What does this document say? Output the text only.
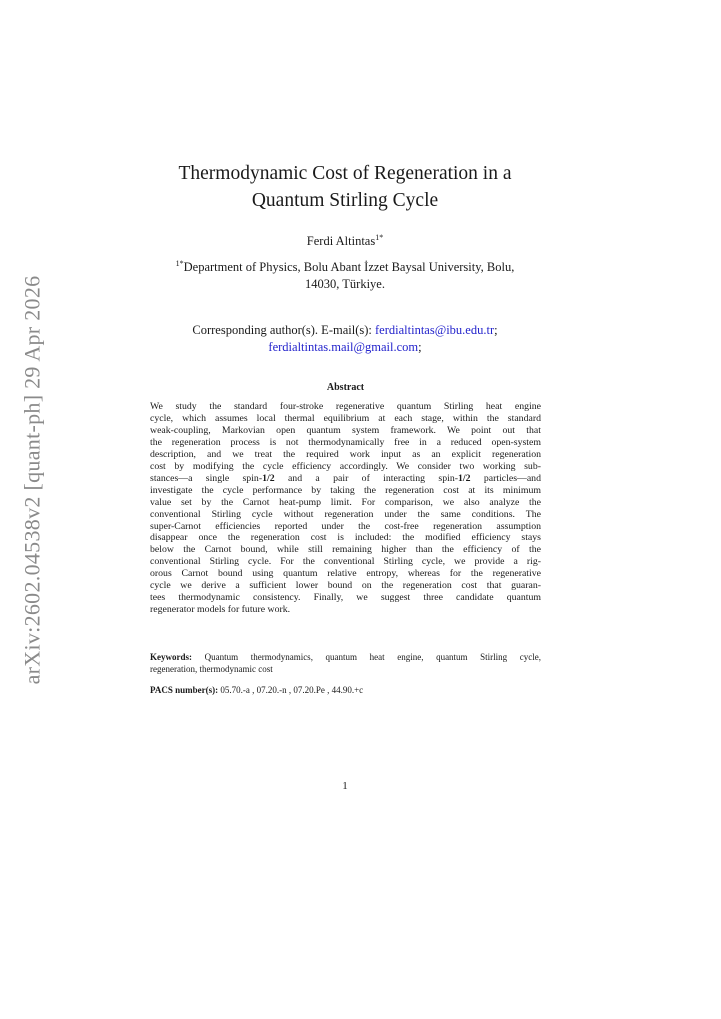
arXiv:2602.04538v2 [quant-ph] 29 Apr 2026
Thermodynamic Cost of Regeneration in a
Quantum Stirling Cycle
Ferdi Altintas$^{1*}$
$^{1*}$Department of Physics, Bolu Abant İzzet Baysal University, Bolu,
14030, Türkiye.
Corresponding author(s). E-mail(s): ferdialtintas@ibu.edu.tr;
ferdialtintas.mail@gmail.com;
Abstract
We study the standard four-stroke regenerative quantum Stirling heat engine
cycle, which assumes local thermal equilibrium at each stage, within the standard
weak-coupling, Markovian open quantum system framework. We point out that
the regeneration process is not thermodynamically free in a reduced open-system
description, and we treat the required work input as an explicit regeneration
cost by modifying the cycle efficiency accordingly. We consider two working sub-
stances—a single spin-1/2 and a pair of interacting spin-1/2 particles—and
investigate the cycle performance by taking the regeneration cost at its minimum
value set by the Carnot heat-pump limit. For comparison, we also analyze the
conventional Stirling cycle without regeneration under the same conditions. The
super-Carnot efficiencies reported under the cost-free regeneration assumption
disappear once the regeneration cost is included: the modified efficiency stays
below the Carnot bound, while still remaining higher than the efficiency of the
conventional Stirling cycle. For the conventional Stirling cycle, we provide a rig-
orous Carnot bound using quantum relative entropy, whereas for the regenerative
cycle we derive a sufficient lower bound on the regeneration cost that guaran-
tees thermodynamic consistency. Finally, we suggest three candidate quantum
regenerator models for future work.
Keywords: Quantum thermodynamics, quantum heat engine, quantum Stirling cycle,
regeneration, thermodynamic cost
PACS number(s): 05.70.-a , 07.20.-n , 07.20.Pe , 44.90.+c
1
